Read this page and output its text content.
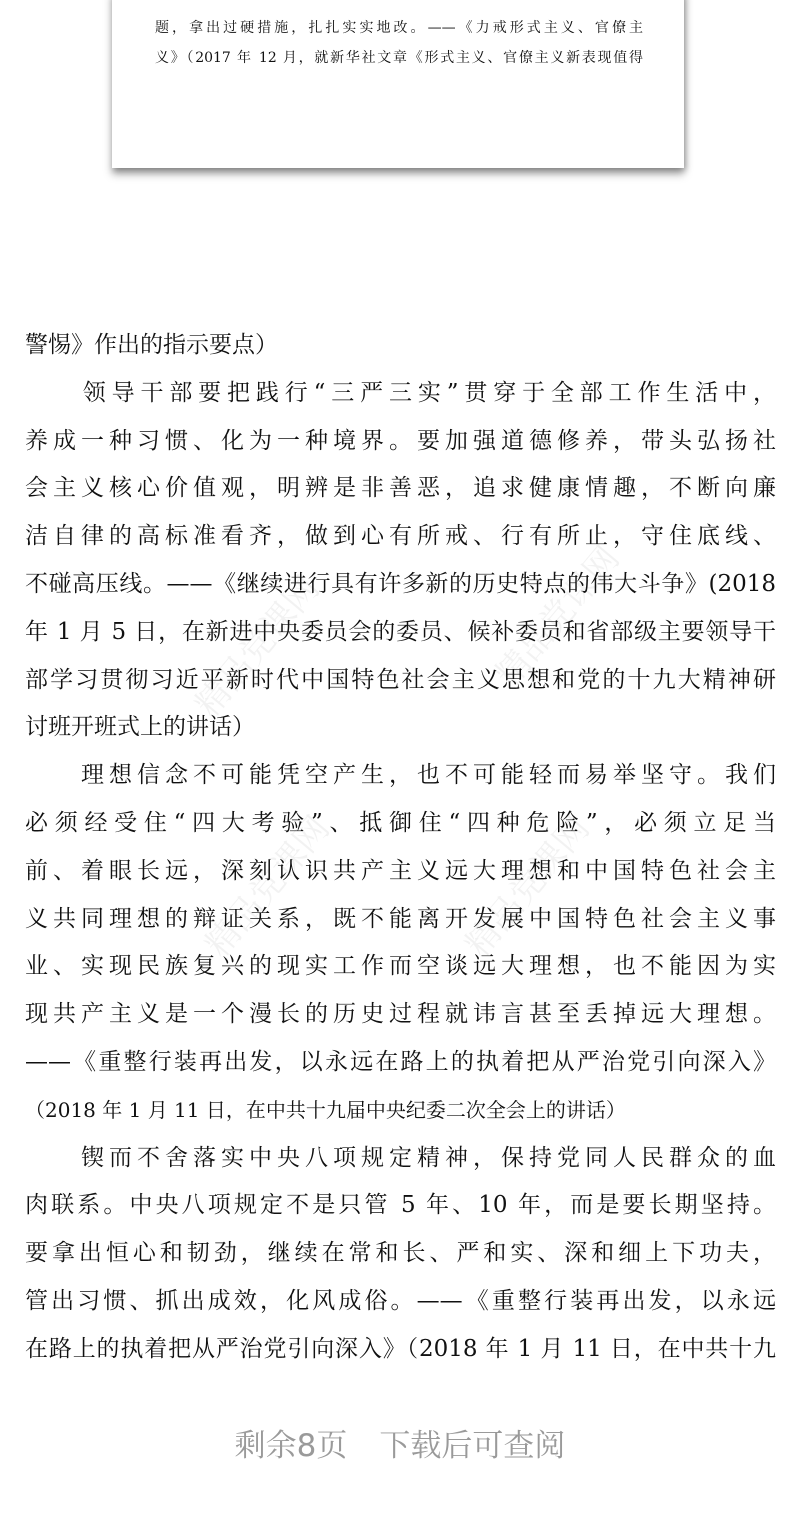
题，拿出过硬措施，扎扎实实地改。——《力戒形式主义、官僚主
义》（2017 年 12 月，就新华社文章《形式主义、官僚主义新表现值得
精品党课网	精品党课网
精品党课网	精品党课网
警惕》作出的指示要点）
　　领导干部要把践行“三严三实”贯穿于全部工作生活中，
养成一种习惯、化为一种境界。要加强道德修养，带头弘扬社
会主义核心价值观，明辨是非善恶，追求健康情趣，不断向廉
洁自律的高标准看齐，做到心有所戒、行有所止，守住底线、
不碰高压线。——《继续进行具有许多新的历史特点的伟大斗争》(2018
年 1 月 5 日，在新进中央委员会的委员、候补委员和省部级主要领导干
部学习贯彻习近平新时代中国特色社会主义思想和党的十九大精神研
讨班开班式上的讲话）
　　理想信念不可能凭空产生，也不可能轻而易举坚守。我们
必须经受住“四大考验”、抵御住“四种危险”，必须立足当
前、着眼长远，深刻认识共产主义远大理想和中国特色社会主
义共同理想的辩证关系，既不能离开发展中国特色社会主义事
业、实现民族复兴的现实工作而空谈远大理想，也不能因为实
现共产主义是一个漫长的历史过程就讳言甚至丢掉远大理想。
——《重整行装再出发，以永远在路上的执着把从严治党引向深入》
（2018 年 1 月 11 日，在中共十九届中央纪委二次全会上的讲话）
　　锲而不舍落实中央八项规定精神，保持党同人民群众的血
肉联系。中央八项规定不是只管 5 年、10 年，而是要长期坚持。
要拿出恒心和韧劲，继续在常和长、严和实、深和细上下功夫，
管出习惯、抓出成效，化风成俗。——《重整行装再出发，以永远
在路上的执着把从严治党引向深入》（2018 年 1 月 11 日，在中共十九
剩余8页 下载后可查阅
